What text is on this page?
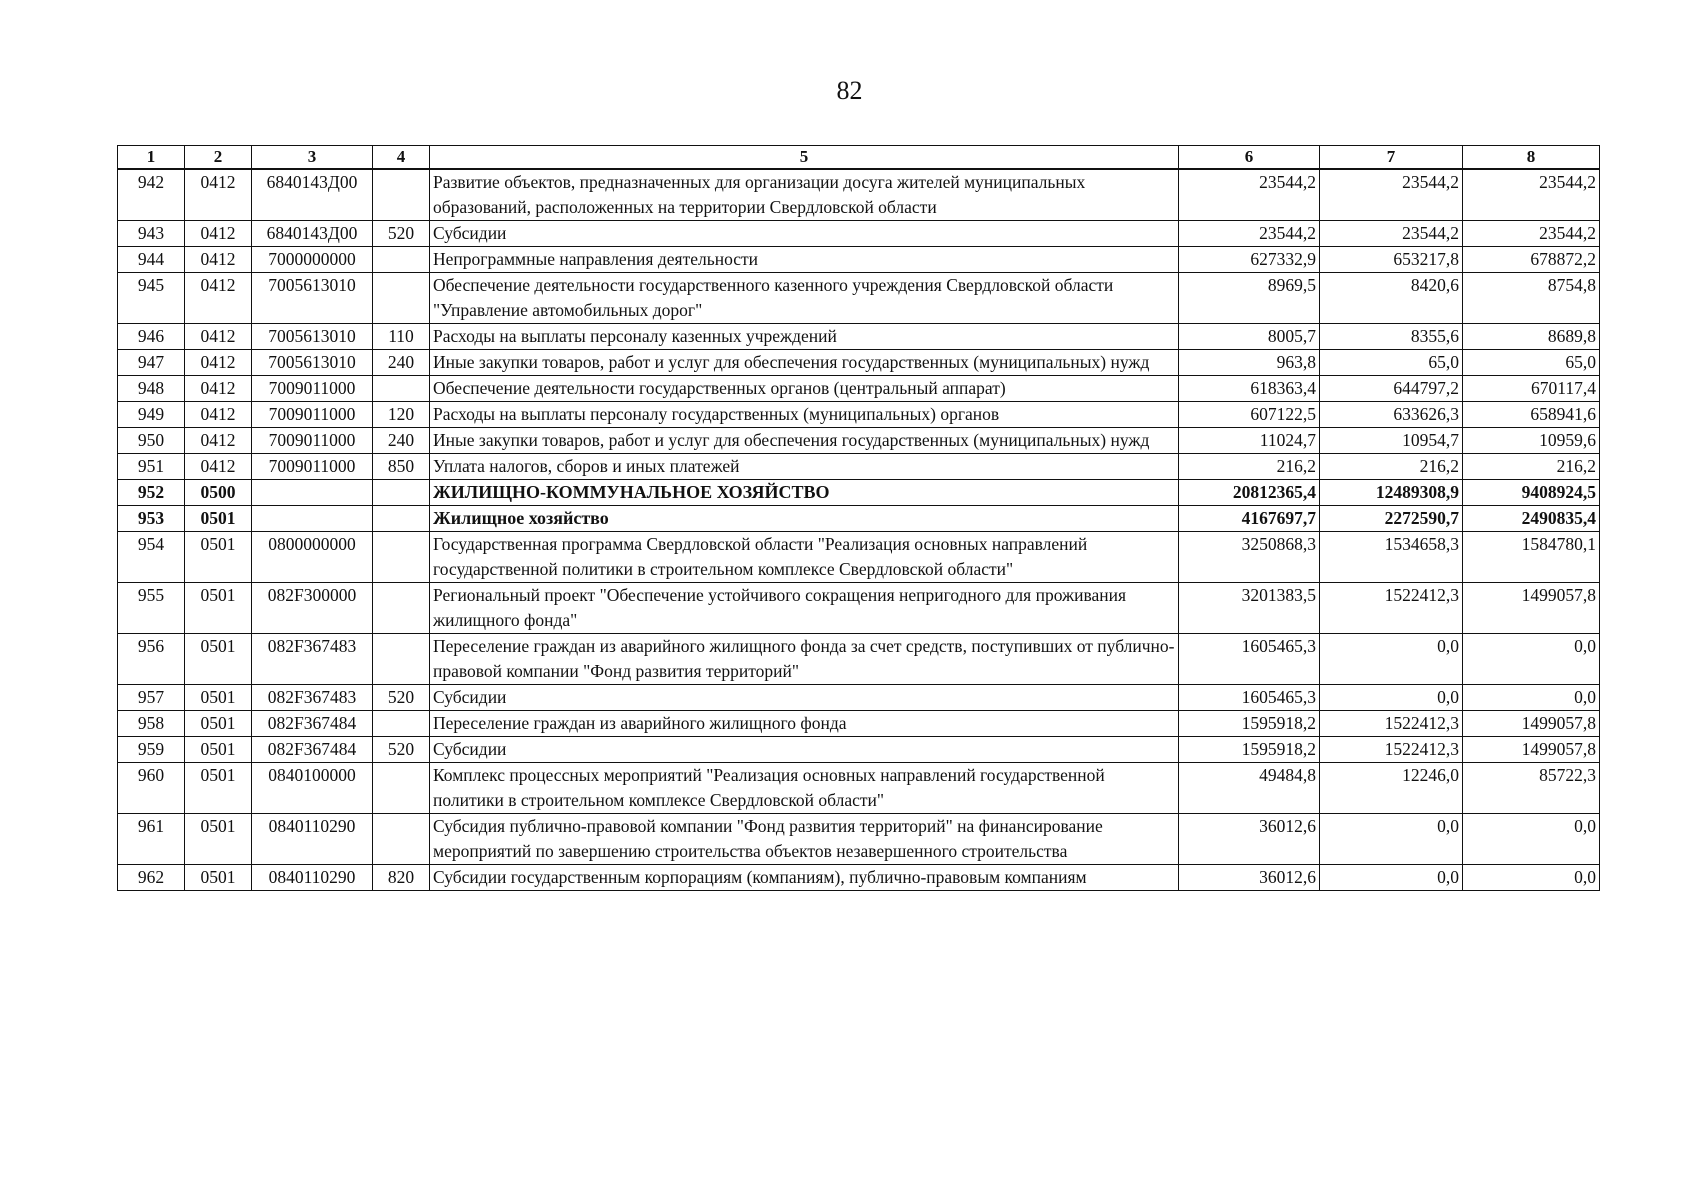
82
1	2	3	4	5	6	7	8
942	0412	6840143Д00		Развитие объектов, предназначенных для организации досуга жителей муниципальных образований, расположенных на территории Свердловской области	23544,2	23544,2	23544,2
943	0412	6840143Д00	520	Субсидии	23544,2	23544,2	23544,2
944	0412	7000000000		Непрограммные направления деятельности	627332,9	653217,8	678872,2
945	0412	7005613010		Обеспечение деятельности государственного казенного учреждения Свердловской области "Управление автомобильных дорог"	8969,5	8420,6	8754,8
946	0412	7005613010	110	Расходы на выплаты персоналу казенных учреждений	8005,7	8355,6	8689,8
947	0412	7005613010	240	Иные закупки товаров, работ и услуг для обеспечения государственных (муниципальных) нужд	963,8	65,0	65,0
948	0412	7009011000		Обеспечение деятельности государственных органов (центральный аппарат)	618363,4	644797,2	670117,4
949	0412	7009011000	120	Расходы на выплаты персоналу государственных (муниципальных) органов	607122,5	633626,3	658941,6
950	0412	7009011000	240	Иные закупки товаров, работ и услуг для обеспечения государственных (муниципальных) нужд	11024,7	10954,7	10959,6
951	0412	7009011000	850	Уплата налогов, сборов и иных платежей	216,2	216,2	216,2
952	0500			ЖИЛИЩНО-КОММУНАЛЬНОЕ ХОЗЯЙСТВО	20812365,4	12489308,9	9408924,5
953	0501			Жилищное хозяйство	4167697,7	2272590,7	2490835,4
954	0501	0800000000		Государственная программа Свердловской области "Реализация основных направлений государственной политики в строительном комплексе Свердловской области"	3250868,3	1534658,3	1584780,1
955	0501	082F300000		Региональный проект "Обеспечение устойчивого сокращения непригодного для проживания жилищного фонда"	3201383,5	1522412,3	1499057,8
956	0501	082F367483		Переселение граждан из аварийного жилищного фонда за счет средств, поступивших от публично-правовой компании "Фонд развития территорий"	1605465,3	0,0	0,0
957	0501	082F367483	520	Субсидии	1605465,3	0,0	0,0
958	0501	082F367484		Переселение граждан из аварийного жилищного фонда	1595918,2	1522412,3	1499057,8
959	0501	082F367484	520	Субсидии	1595918,2	1522412,3	1499057,8
960	0501	0840100000		Комплекс процессных мероприятий "Реализация основных направлений государственной политики в строительном комплексе Свердловской области"	49484,8	12246,0	85722,3
961	0501	0840110290		Субсидия публично-правовой компании "Фонд развития территорий" на финансирование мероприятий по завершению строительства объектов незавершенного строительства	36012,6	0,0	0,0
962	0501	0840110290	820	Субсидии государственным корпорациям (компаниям), публично-правовым компаниям	36012,6	0,0	0,0
